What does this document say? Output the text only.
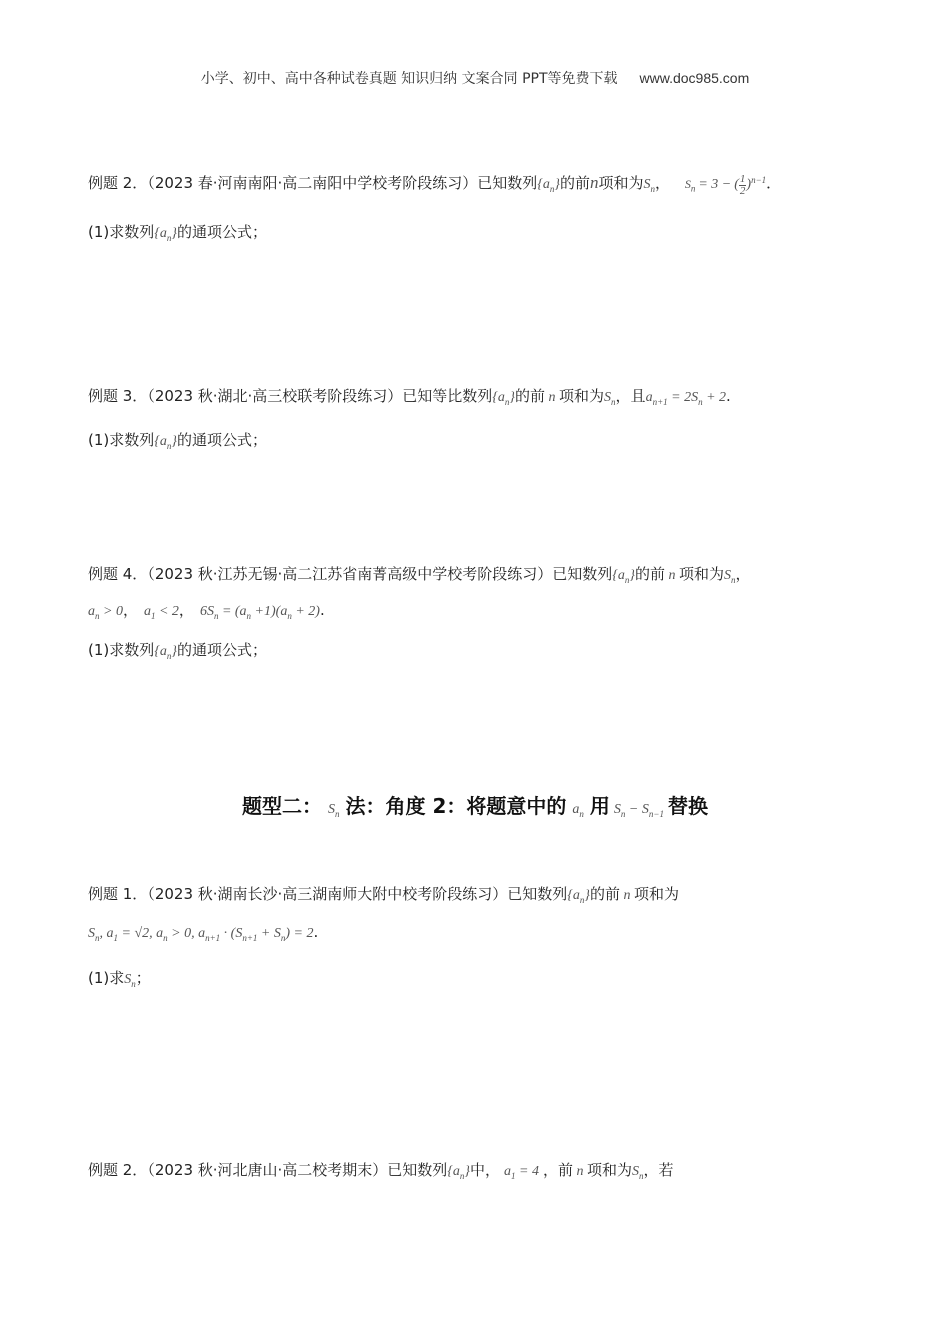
小学、初中、高中各种试卷真题 知识归纳 文案合同 PPT等免费下载 www.doc985.com
例题 2．（2023 春·河南南阳·高二南阳中学校考阶段练习）已知数列$\{a_n\}$的前n项和为$S_n$， $S_n = 3$ − ( $\frac{1}{2} )^{n-1}$．
(1)求数列$\{a_n\}$的通项公式；
例题 3．（2023 秋·湖北·高三校联考阶段练习）已知等比数列$\{a_n\}$的前 n 项和为$S_n$，且$a_{n+1} = 2S_n + 2$.
(1)求数列$\{a_n\}$的通项公式；
例题 4．（2023 秋·江苏无锡·高二江苏省南菁高级中学校考阶段练习）已知数列$\{a_n\}$的前 n 项和为$S_n$，
$a_n > 0$， $a_1 < 2$， $6S_n = (a_n +1)(a_n + 2)$.
(1)求数列$\{a_n\}$的通项公式；
题型二： $S_n$ 法：角度 2：将题意中的 $a_n$ 用 $S_n - S_{n-1}$ 替换
例题 1．（2023 秋·湖南长沙·高三湖南师大附中校考阶段练习）已知数列$\{a_n\}$的前 n 项和为
$S_n$, $a_1 = √2$, $a_n > 0$, $a_{n+1} \cdot (S_{n+1} + S_n) = 2$.
(1)求$S_n$；
例题 2．（2023 秋·河北唐山·高二校考期末）已知数列$\{a_n\}$中， $a_1 = 4$ ，前 n 项和为$S_n$，若
